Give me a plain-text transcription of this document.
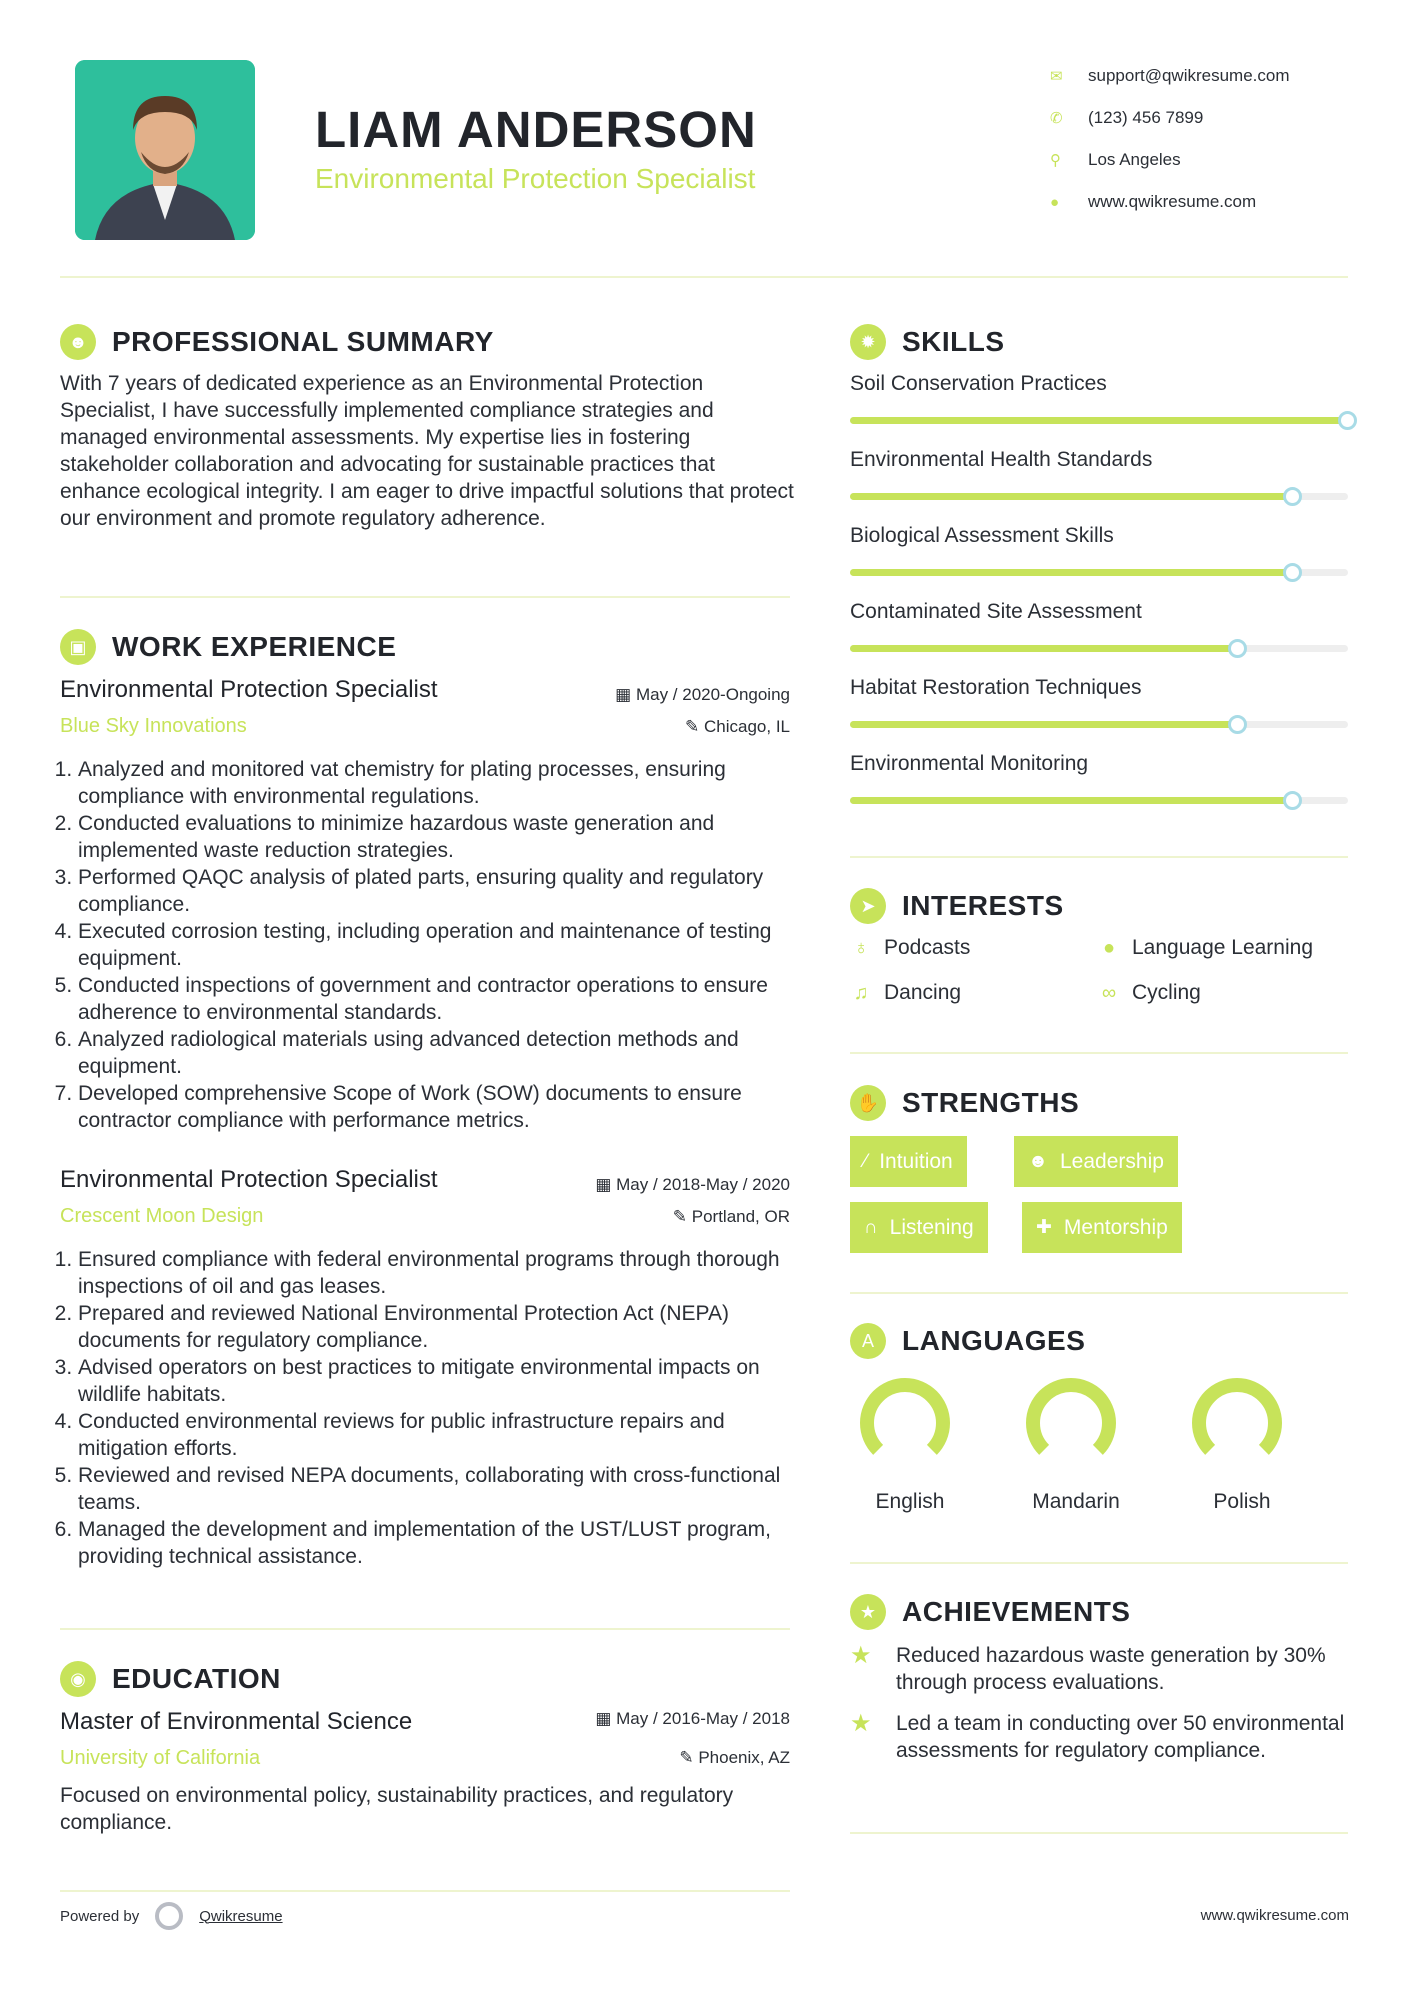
LIAM ANDERSON
Environmental Protection Specialist
✉	support@qwikresume.com
✆	(123) 456 7899
⚲	Los Angeles
●	www.qwikresume.com
☻ PROFESSIONAL SUMMARY
With 7 years of dedicated experience as an Environmental Protection Specialist, I have successfully implemented compliance strategies and managed environmental assessments. My expertise lies in fostering stakeholder collaboration and advocating for sustainable practices that enhance ecological integrity. I am eager to drive impactful solutions that protect our environment and promote regulatory adherence.
▣ WORK EXPERIENCE
Environmental Protection Specialist	▦ May / 2020-Ongoing
Blue Sky Innovations	✎ Chicago, IL
1. Analyzed and monitored vat chemistry for plating processes, ensuring compliance with environmental regulations.
2. Conducted evaluations to minimize hazardous waste generation and implemented waste reduction strategies.
3. Performed QAQC analysis of plated parts, ensuring quality and regulatory compliance.
4. Executed corrosion testing, including operation and maintenance of testing equipment.
5. Conducted inspections of government and contractor operations to ensure adherence to environmental standards.
6. Analyzed radiological materials using advanced detection methods and equipment.
7. Developed comprehensive Scope of Work (SOW) documents to ensure contractor compliance with performance metrics.
Environmental Protection Specialist	▦ May / 2018-May / 2020
Crescent Moon Design	✎ Portland, OR
1. Ensured compliance with federal environmental programs through thorough inspections of oil and gas leases.
2. Prepared and reviewed National Environmental Protection Act (NEPA) documents for regulatory compliance.
3. Advised operators on best practices to mitigate environmental impacts on wildlife habitats.
4. Conducted environmental reviews for public infrastructure repairs and mitigation efforts.
5. Reviewed and revised NEPA documents, collaborating with cross-functional teams.
6. Managed the development and implementation of the UST/LUST program, providing technical assistance.
◉ EDUCATION
Master of Environmental Science	▦ May / 2016-May / 2018
University of California	✎ Phoenix, AZ
Focused on environmental policy, sustainability practices, and regulatory compliance.
Powered by	Qwikresume	www.qwikresume.com
✹ SKILLS
Soil Conservation Practices
Environmental Health Standards
Biological Assessment Skills
Contaminated Site Assessment
Habitat Restoration Techniques
Environmental Monitoring
➤ INTERESTS
♁ Podcasts	● Language Learning
♫ Dancing	∞ Cycling
✋ STRENGTHS
⁄ Intuition	☻ Leadership
∩ Listening	✚ Mentorship
A	LANGUAGES
English	Mandarin	Polish
★ ACHIEVEMENTS
★	Reduced hazardous waste generation by 30% through process evaluations.
★	Led a team in conducting over 50 environmental assessments for regulatory compliance.
